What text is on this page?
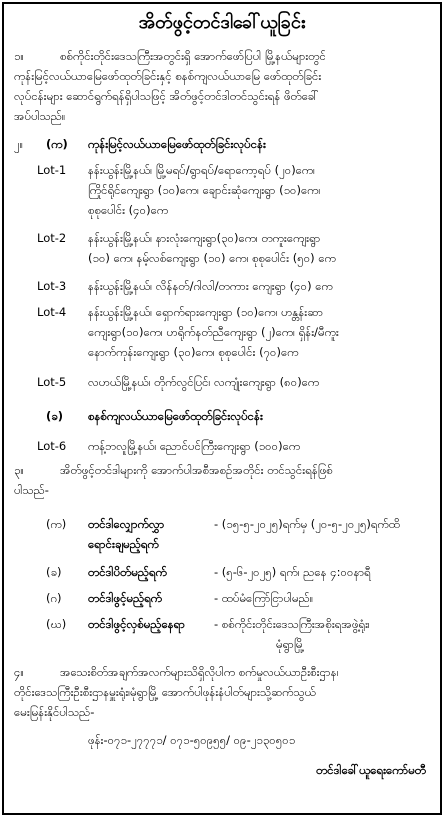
အိတ်ဖွင့်တင်ဒါခေါ်ယူခြင်း
၁။	စစ်ကိုင်းတိုင်းဒေသကြီးအတွင်းရှိ အောက်ဖော်ပြပါ မြို့နယ်များတွင်
ကုန်းမြင့်လယ်ယာမြေဖော်ထုတ်ခြင်းနှင့် စနစ်ကျလယ်ယာမြေ ဖော်ထုတ်ခြင်း
လုပ်ငန်းများ ဆောင်ရွက်ရန်ရှိပါသဖြင့် အိတ်ဖွင့်တင်ဒါတင်သွင်းရန် ဖိတ်ခေါ်
အပ်ပါသည်။
၂။ (က) ကုန်းမြင့်လယ်ယာမြေဖော်ထုတ်ခြင်းလုပ်ငန်း
Lot-1 နန်းယွန်းမြို့နယ်၊ မြို့မရပ်/ရွာရပ်/ရောကော့ရပ် (၂၀)ကေ၊
ကြိုင်ရိုင်ကျေးရွာ (၁၀)ကေ၊ ချောင်းဆုံကျေးရွာ (၁၀)ကေ၊
စုစုပေါင်း (၄၀)ကေ
Lot-2 နန်းယွန်းမြို့နယ်၊ နားလုံးကျေးရွာ(၃၀)ကေ၊ တကူးကျေးရွာ
(၁၀) ကေ၊ နမ့်လစ်ကျေးရွာ (၁၀) ကေ၊ စုစုပေါင်း (၅၀) ကေ
Lot-3 နန်းယွန်းမြို့နယ်၊ လိန်နတ်/ဂါလါ/တကား ကျေးရွာ (၄၀) ကေ
Lot-4 နန်းယွန်းမြို့နယ်၊ ရှောက်ရားကျေးရွာ (၁၀)ကေ၊ ဟန္တန်းဆာ
ကျေးရွာ(၁၀)ကေ၊ ဟရိုက်နတ်ညီကျေးရွာ (၂)ကေ၊ ရှိန်း/မီကူး
နောက်ကုန်းကျေးရွာ (၃၀)ကေ၊ စုစုပေါင်း (၇၀)ကေ
Lot-5 လဟယ်မြို့နယ်၊ တိုက်လွင်ပြင်၊ လကျုံးကျေးရွာ (၈၀)ကေ
(ခ) စနစ်ကျလယ်ယာမြေဖော်ထုတ်ခြင်းလုပ်ငန်း
Lot-6 ကန့်ဘလူမြို့နယ်၊ ညောင်ပင်ကြီးကျေးရွာ (၁၀၀)ကေ
၃။	အိတ်ဖွင့်တင်ဒါများကို အောက်ပါအစီအစဉ်အတိုင်း တင်သွင်းရန်ဖြစ်
ပါသည်-
(က) တင်ဒါလျှောက်လွှာ
ရောင်းချမည့်ရက်
- (၁၅-၅-၂၀၂၅)ရက်မှ (၂၀-၅-၂၀၂၅)ရက်ထိ
(ခ) တင်ဒါပိတ်မည့်ရက်	- (၅-၆-၂၀၂၅) ရက်၊ ညနေ ၄:၀၀နာရီ
(ဂ) တင်ဒါဖွင့်မည့်ရက်	- ထပ်မံကြော်ငြာပါမည်။
(ဃ) တင်ဒါဖွင့်လှစ်မည့်နေရာ	- စစ်ကိုင်းတိုင်းဒေသကြီးအစိုးရအဖွဲ့ရုံး၊
မုံရွာမြို့
၄။	အသေးစိတ်အချက်အလက်များသိရှိလိုပါက စက်မှုလယ်ယာဦးစီးဌာန၊
တိုင်းဒေသကြီးဦးစီးဌာနမှူးရုံး၊မုံရွာမြို့ အောက်ပါဖုန်းနံပါတ်များသို့ဆက်သွယ်
မေးမြန်းနိုင်ပါသည်-
ဖုန်း-၀၇၁-၂၇၇၇၁/ ၀၇၁-၅၀၉၅၅/ ၀၉-၂၁၃၀၅၀၁
တင်ဒါခေါ်ယူရေးကော်မတီ
